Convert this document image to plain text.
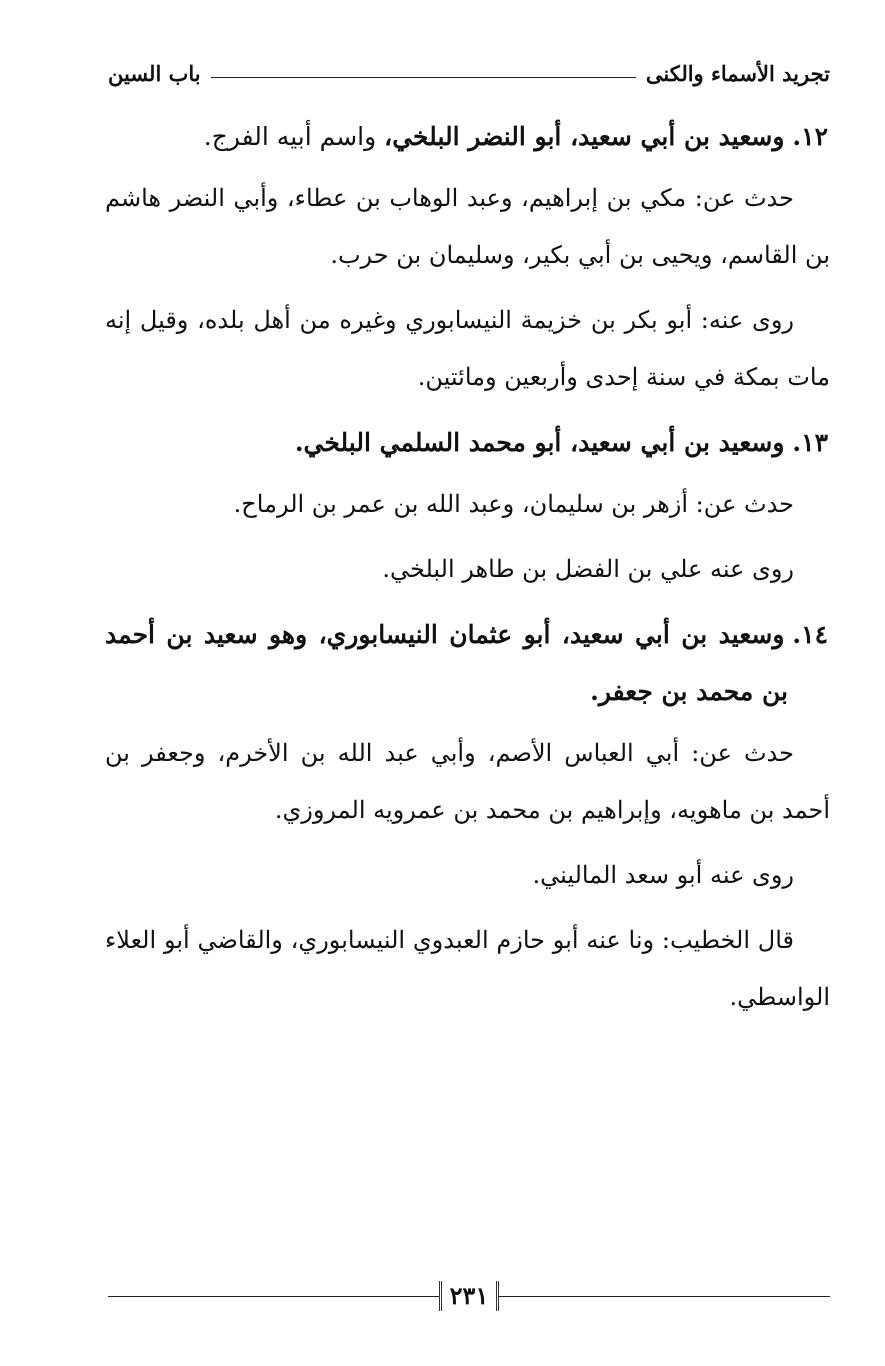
تجريد الأسماء والكنى
باب السين

١٢.وسعيد بن أبي سعيد، أبو النضر البلخي، واسم أبيه الفرج.

حدث عن: مكي بن إبراهيم، وعبد الوهاب بن عطاء، وأبي النضر هاشم بن القاسم، ويحيى بن أبي بكير، وسليمان بن حرب.

روى عنه: أبو بكر بن خزيمة النيسابوري وغيره من أهل بلده، وقيل إنه مات بمكة في سنة إحدى وأربعين ومائتين.

١٣.وسعيد بن أبي سعيد، أبو محمد السلمي البلخي.

حدث عن: أزهر بن سليمان، وعبد الله بن عمر بن الرماح.

روى عنه علي بن الفضل بن طاهر البلخي.

١٤.وسعيد بن أبي سعيد، أبو عثمان النيسابوري، وهو سعيد بن أحمد بن محمد بن جعفر.

حدث عن: أبي العباس الأصم، وأبي عبد الله بن الأخرم، وجعفر بن أحمد بن ماهويه، وإبراهيم بن محمد بن عمرويه المروزي.

روى عنه أبو سعد الماليني.

قال الخطيب: ونا عنه أبو حازم العبدوي النيسابوري، والقاضي أبو العلاء الواسطي.

٢٣١
